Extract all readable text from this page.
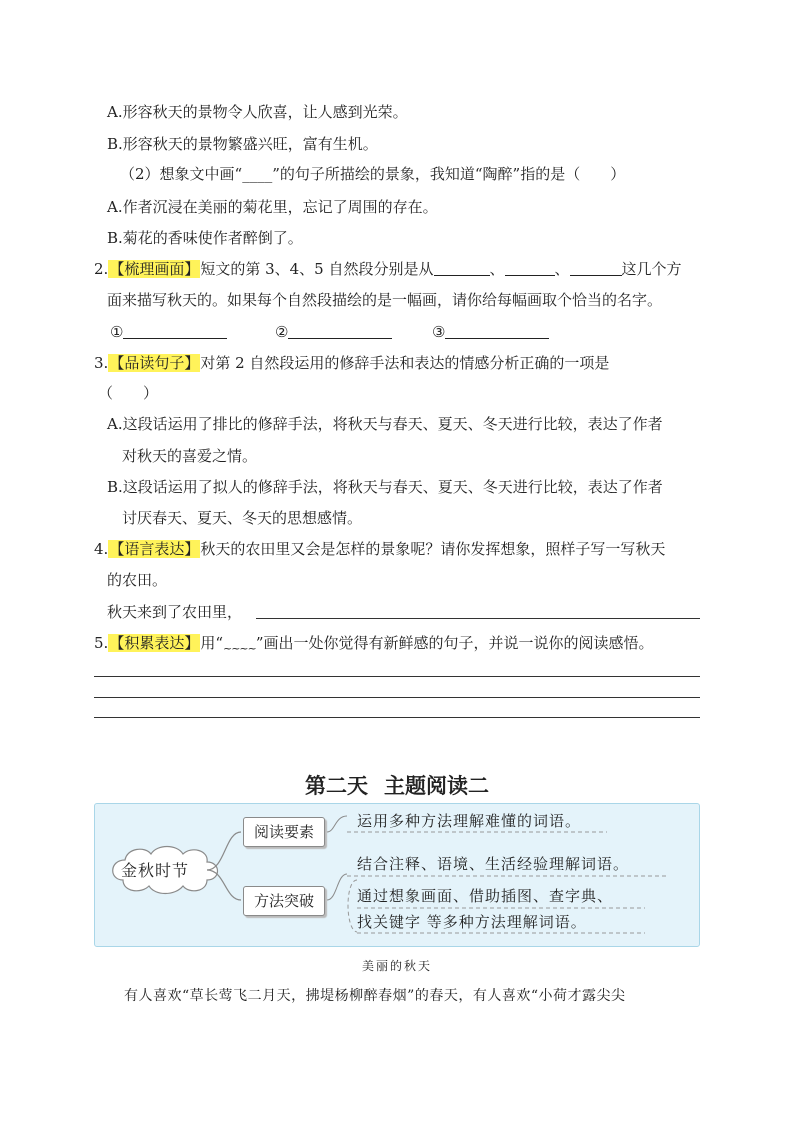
A.形容秋天的景物令人欣喜，让人感到光荣。
B.形容秋天的景物繁盛兴旺，富有生机。
（2）想象文中画“____”的句子所描绘的景象，我知道“陶醉”指的是（　　）
A.作者沉浸在美丽的菊花里，忘记了周围的存在。
B.菊花的香味使作者醉倒了。
2.【梳理画面】短文的第 3、4、5 自然段分别是从	、	、	这几个方
面来描写秋天的。如果每个自然段描绘的是一幅画，请你给每幅画取个恰当的名字。
①	②	③
3.【品读句子】对第 2 自然段运用的修辞手法和表达的情感分析正确的一项是
（　　）
A.这段话运用了排比的修辞手法，将秋天与春天、夏天、冬天进行比较，表达了作者
对秋天的喜爱之情。
B.这段话运用了拟人的修辞手法，将秋天与春天、夏天、冬天进行比较，表达了作者
讨厌春天、夏天、冬天的思想感情。
4.【语言表达】秋天的农田里又会是怎样的景象呢？请你发挥想象，照样子写一写秋天
的农田。
秋天来到了农田里，
5.【积累表达】用“$_{\sim\sim\sim\sim}$”画出一处你觉得有新鲜感的句子，并说一说你的阅读感悟。
第二天 主题阅读二
金秋时节
阅读要素
运用多种方法理解难懂的词语。
方法突破
结合注释、语境、生活经验理解词语。
通过想象画面、借助插图、查字典、
找关键字 等多种方法理解词语。
美丽的秋天
有人喜欢“草长莺飞二月天，拂堤杨柳醉春烟”的春天，有人喜欢“小荷才露尖尖
